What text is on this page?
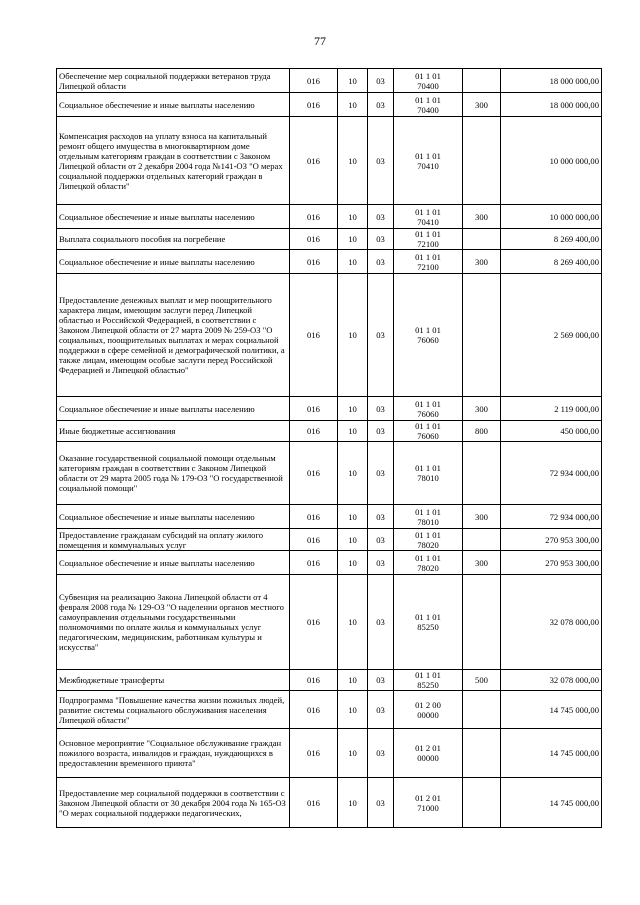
77
Обеспечение мер социальной поддержки ветеранов труда Липецкой области	016	10	03	01 1 01
70400		18 000 000,00
Социальное обеспечение и иные выплаты населению	016	10	03	01 1 01
70400	300	18 000 000,00
Компенсация расходов на уплату взноса на капитальный ремонт общего имущества в многоквартирном доме отдельным категориям граждан в соответствии с Законом Липецкой области от 2 декабря 2004 года №141-ОЗ "О мерах социальной поддержки отдельных категорий граждан в Липецкой области"	016	10	03	01 1 01
70410		10 000 000,00
Социальное обеспечение и иные выплаты населению	016	10	03	01 1 01
70410	300	10 000 000,00
Выплата социального пособия на погребение	016	10	03	01 1 01
72100		8 269 400,00
Социальное обеспечение и иные выплаты населению	016	10	03	01 1 01
72100	300	8 269 400,00
Предоставление денежных выплат и мер поощрительного характера лицам, имеющим заслуги перед Липецкой областью и Российской Федерацией, в соответствии с Законом Липецкой области от 27 марта 2009 № 259-ОЗ "О социальных, поощрительных выплатах и мерах социальной поддержки в сфере семейной и демографической политики, а также лицам, имеющим особые заслуги перед Российской Федерацией и Липецкой областью"	016	10	03	01 1 01
76060		2 569 000,00
Социальное обеспечение и иные выплаты населению	016	10	03	01 1 01
76060	300	2 119 000,00
Иные бюджетные ассигнования	016	10	03	01 1 01
76060	800	450 000,00
Оказание государственной социальной помощи отдельным категориям граждан в соответствии с Законом Липецкой области от 29 марта 2005 года № 179-ОЗ "О государственной социальной помощи"	016	10	03	01 1 01
78010		72 934 000,00
Социальное обеспечение и иные выплаты населению	016	10	03	01 1 01
78010	300	72 934 000,00
Предоставление гражданам субсидий на оплату жилого помещения и коммунальных услуг	016	10	03	01 1 01
78020		270 953 300,00
Социальное обеспечение и иные выплаты населению	016	10	03	01 1 01
78020	300	270 953 300,00
Субвенция на реализацию Закона Липецкой области от 4 февраля 2008 года № 129-ОЗ "О наделении органов местного самоуправления отдельными государственными полномочиями по оплате жилья и коммунальных услуг педагогическим, медицинским, работникам культуры и искусства"	016	10	03	01 1 01
85250		32 078 000,00
Межбюджетные трансферты	016	10	03	01 1 01
85250	500	32 078 000,00
Подпрограмма "Повышение качества жизни пожилых людей, развитие системы социального обслуживания населения Липецкой области"	016	10	03	01 2 00
00000		14 745 000,00
Основное мероприятие "Социальное обслуживание граждан пожилого возраста, инвалидов и граждан, нуждающихся в предоставлении временного приюта"	016	10	03	01 2 01
00000		14 745 000,00
Предоставление мер социальной поддержки в соответствии с Законом Липецкой области от 30 декабря 2004 года № 165-ОЗ "О мерах социальной поддержки педагогических,	016	10	03	01 2 01
71000		14 745 000,00
